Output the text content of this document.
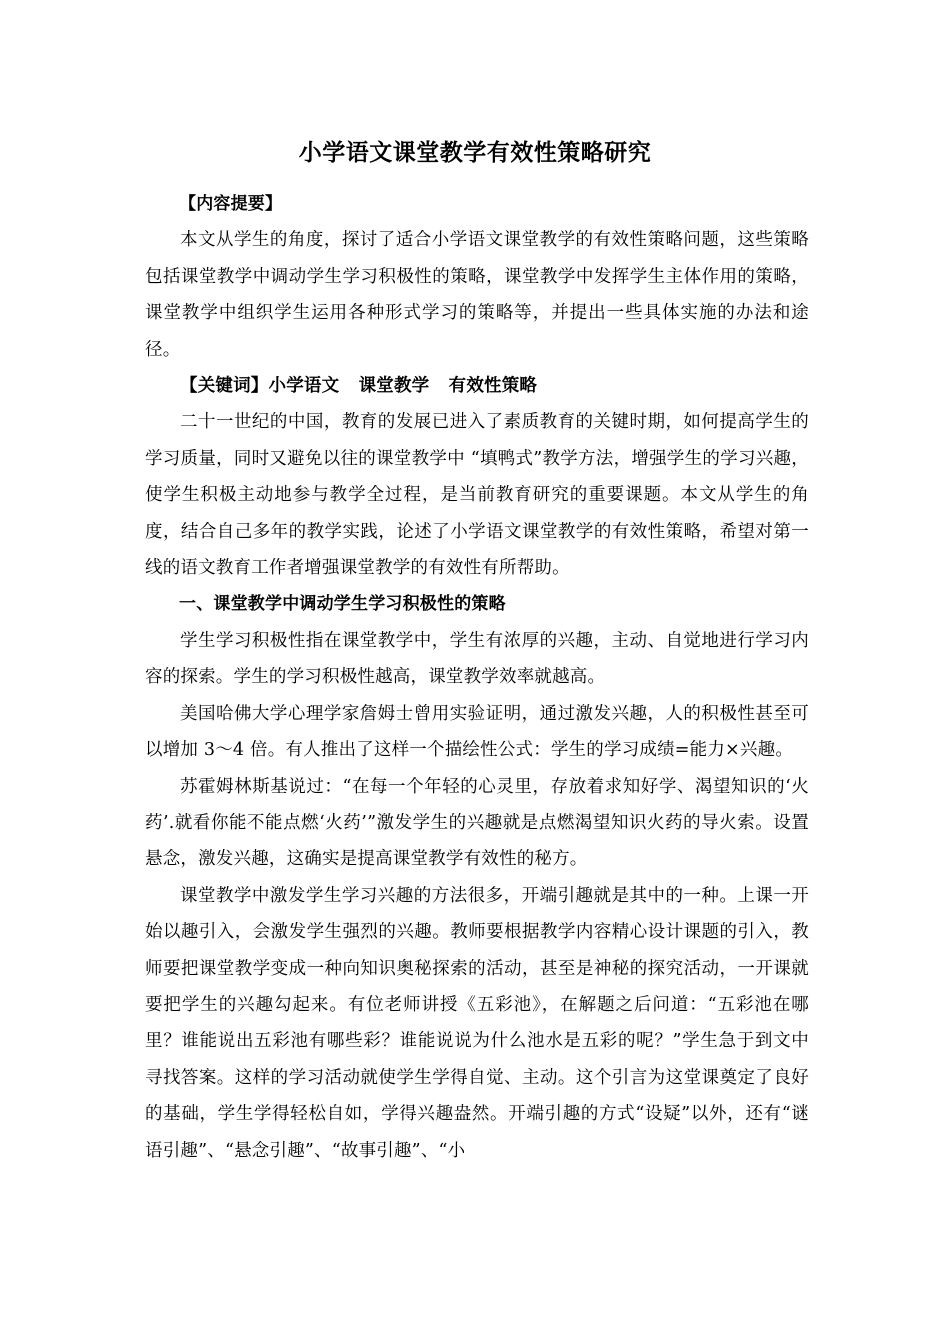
小学语文课堂教学有效性策略研究

【内容提要】

本文从学生的角度，探讨了适合小学语文课堂教学的有效性策略问题，这些策略包括课堂教学中调动学生学习积极性的策略，课堂教学中发挥学生主体作用的策略，课堂教学中组织学生运用各种形式学习的策略等，并提出一些具体实施的办法和途径。

【关键词】小学语文 课堂教学 有效性策略

二十一世纪的中国，教育的发展已进入了素质教育的关键时期，如何提高学生的学习质量，同时又避免以往的课堂教学中 “填鸭式”教学方法，增强学生的学习兴趣，使学生积极主动地参与教学全过程，是当前教育研究的重要课题。本文从学生的角度，结合自己多年的教学实践，论述了小学语文课堂教学的有效性策略，希望对第一线的语文教育工作者增强课堂教学的有效性有所帮助。

一、课堂教学中调动学生学习积极性的策略

学生学习积极性指在课堂教学中，学生有浓厚的兴趣，主动、自觉地进行学习内容的探索。学生的学习积极性越高，课堂教学效率就越高。

美国哈佛大学心理学家詹姆士曾用实验证明，通过激发兴趣，人的积极性甚至可以增加 3～4 倍。有人推出了这样一个描绘性公式：学生的学习成绩=能力×兴趣。

苏霍姆林斯基说过：“在每一个年轻的心灵里，存放着求知好学、渴望知识的‘火药’.就看你能不能点燃‘火药’”激发学生的兴趣就是点燃渴望知识火药的导火索。设置悬念，激发兴趣，这确实是提高课堂教学有效性的秘方。

课堂教学中激发学生学习兴趣的方法很多，开端引趣就是其中的一种。上课一开始以趣引入，会激发学生强烈的兴趣。教师要根据教学内容精心设计课题的引入，教师要把课堂教学变成一种向知识奥秘探索的活动，甚至是神秘的探究活动，一开课就要把学生的兴趣勾起来。有位老师讲授《五彩池》，在解题之后问道：“五彩池在哪里？谁能说出五彩池有哪些彩？谁能说说为什么池水是五彩的呢？”学生急于到文中寻找答案。这样的学习活动就使学生学得自觉、主动。这个引言为这堂课奠定了良好的基础，学生学得轻松自如，学得兴趣盎然。开端引趣的方式“设疑”以外，还有“谜语引趣”、“悬念引趣”、“故事引趣”、“小
